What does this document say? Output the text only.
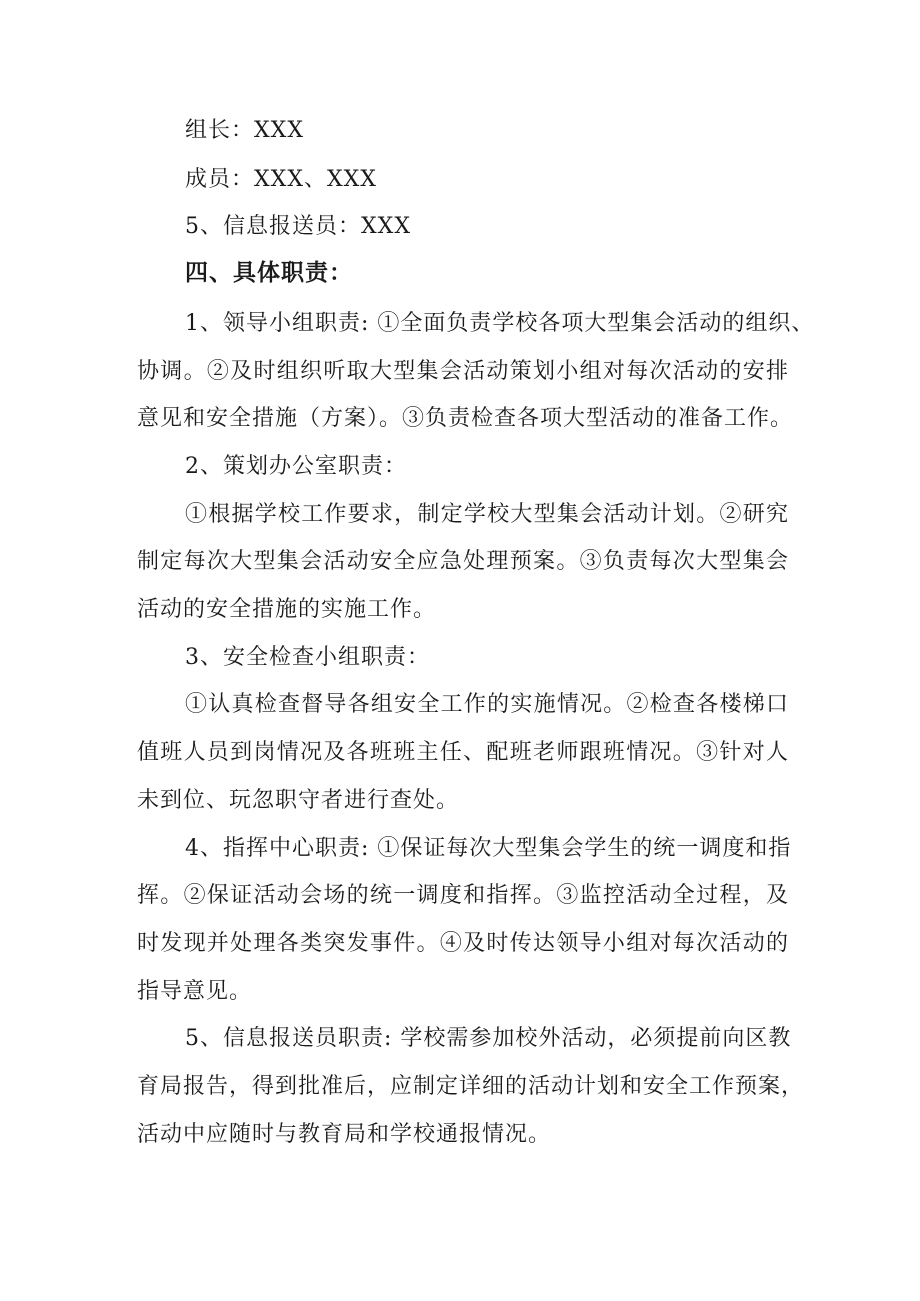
组长：XXX
成员：XXX、XXX
5、信息报送员：XXX
四、具体职责：
1、领导小组职责: ①全面负责学校各项大型集会活动的组织、
协调。②及时组织听取大型集会活动策划小组对每次活动的安排
意见和安全措施（方案）。③负责检查各项大型活动的准备工作。
2、策划办公室职责：
①根据学校工作要求，制定学校大型集会活动计划。②研究
制定每次大型集会活动安全应急处理预案。③负责每次大型集会
活动的安全措施的实施工作。
3、安全检查小组职责：
①认真检查督导各组安全工作的实施情况。②检查各楼梯口
值班人员到岗情况及各班班主任、配班老师跟班情况。③针对人
未到位、玩忽职守者进行查处。
4、指挥中心职责: ①保证每次大型集会学生的统一调度和指
挥。②保证活动会场的统一调度和指挥。③监控活动全过程，及
时发现并处理各类突发事件。④及时传达领导小组对每次活动的
指导意见。
5、信息报送员职责: 学校需参加校外活动，必须提前向区教
育局报告，得到批准后，应制定详细的活动计划和安全工作预案，
活动中应随时与教育局和学校通报情况。
